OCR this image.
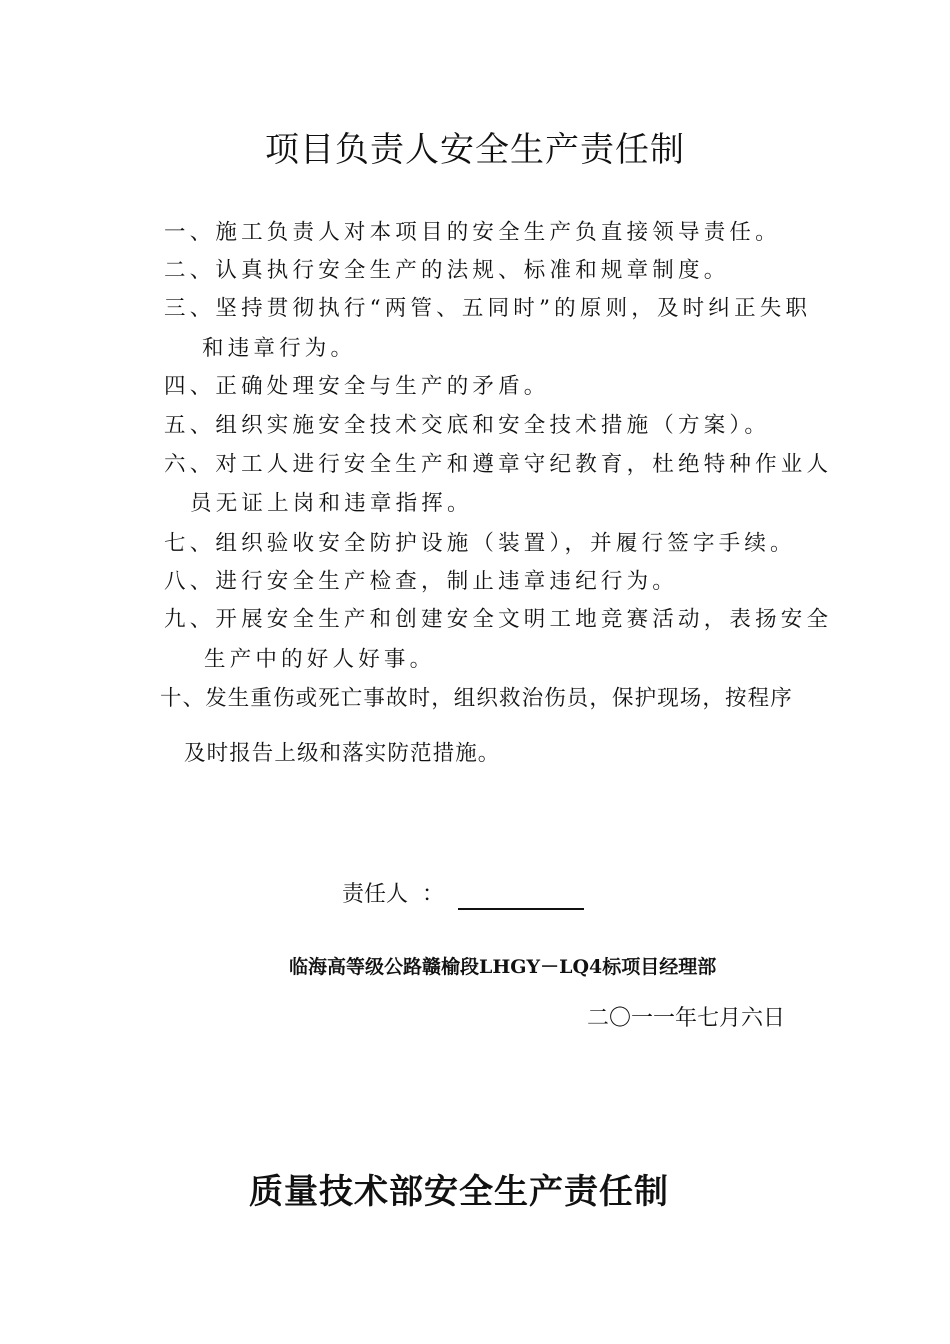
项目负责人安全生产责任制
一、施工负责人对本项目的安全生产负直接领导责任。
二、认真执行安全生产的法规、标准和规章制度。
三、坚持贯彻执行“两管、五同时”的原则，及时纠正失职
和违章行为。
四、正确处理安全与生产的矛盾。
五、组织实施安全技术交底和安全技术措施（方案）。
六、对工人进行安全生产和遵章守纪教育，杜绝特种作业人
员无证上岗和违章指挥。
七、组织验收安全防护设施（装置），并履行签字手续。
八、进行安全生产检查，制止违章违纪行为。
九、开展安全生产和创建安全文明工地竞赛活动，表扬安全
生产中的好人好事。
十、发生重伤或死亡事故时，组织救治伤员，保护现场，按程序
及时报告上级和落实防范措施。
责任人 ：
临海高等级公路赣榆段LHGY－LQ4标项目经理部
二〇一一年七月六日
质量技术部安全生产责任制
